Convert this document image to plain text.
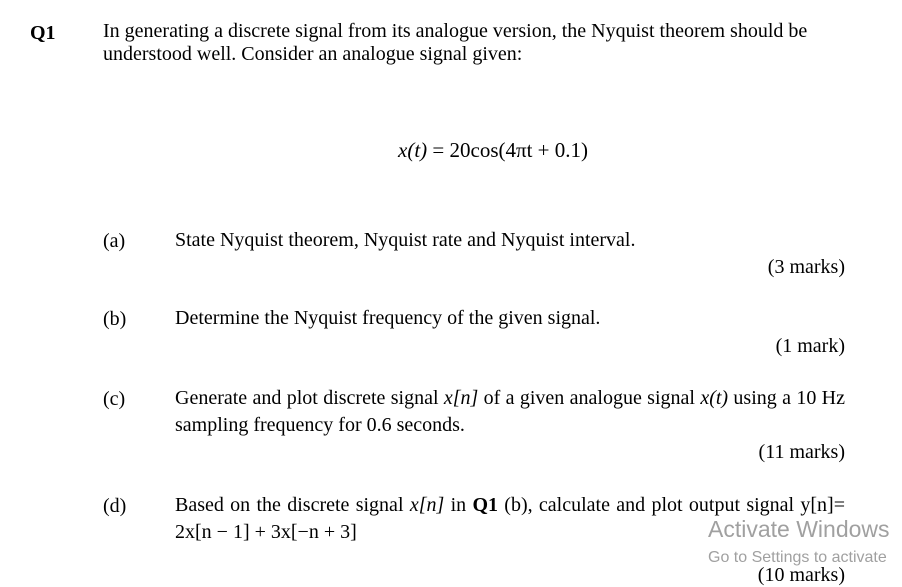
Q1 In generating a discrete signal from its analogue version, the Nyquist theorem should be understood well. Consider an analogue signal given:
x(t) = 20cos(4πt + 0.1)
(a) State Nyquist theorem, Nyquist rate and Nyquist interval.
(3 marks)
(b) Determine the Nyquist frequency of the given signal.
(1 mark)
(c) Generate and plot discrete signal x[n] of a given analogue signal x(t) using a 10 Hz sampling frequency for 0.6 seconds.
(11 marks)
(d) Based on the discrete signal x[n] in Q1 (b), calculate and plot output signal y[n]= 2x[n − 1] + 3x[−n + 3]
(10 marks)
Activate Windows
Go to Settings to activate
